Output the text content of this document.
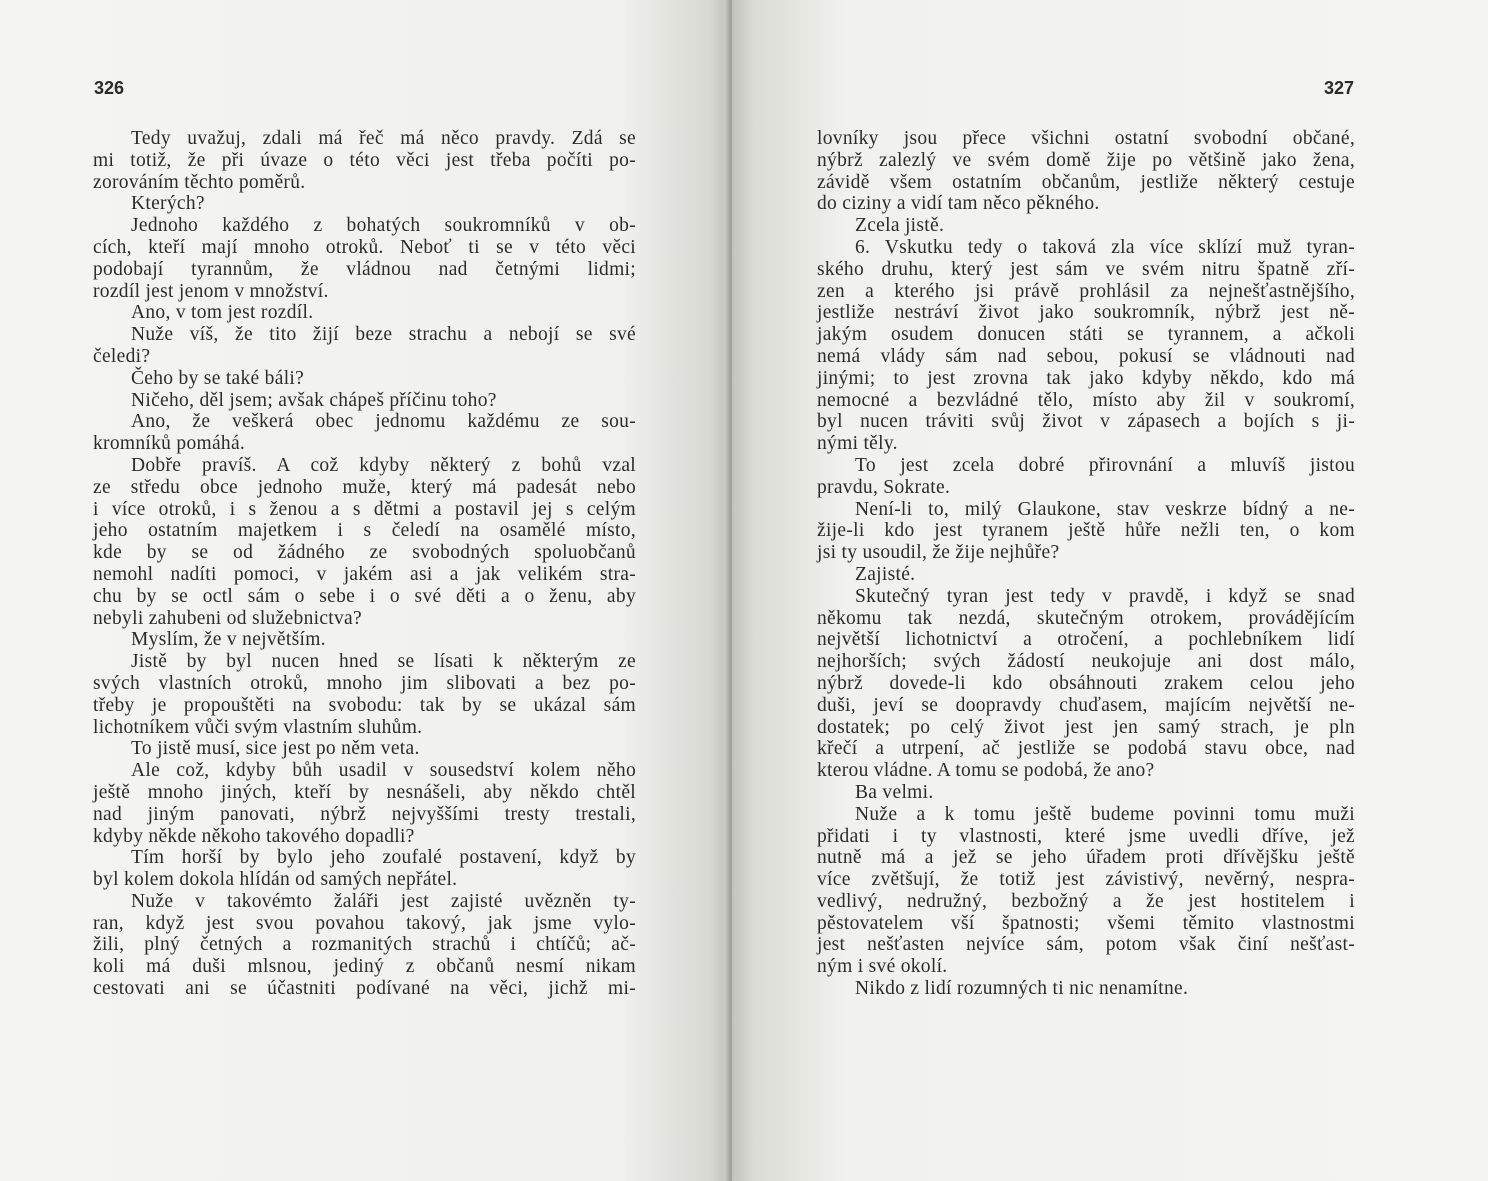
326
Tedy uvažuj, zdali má řeč má něco pravdy. Zdá se
mi totiž, že při úvaze o této věci jest třeba počíti po-
zorováním těchto poměrů.
Kterých?
Jednoho každého z bohatých soukromníků v ob-
cích, kteří mají mnoho otroků. Neboť ti se v této věci
podobají tyrannům, že vládnou nad četnými lidmi;
rozdíl jest jenom v množství.
Ano, v tom jest rozdíl.
Nuže víš, že tito žijí beze strachu a nebojí se své
čeledi?
Čeho by se také báli?
Ničeho, děl jsem; avšak chápeš příčinu toho?
Ano, že veškerá obec jednomu každému ze sou-
kromníků pomáhá.
Dobře pravíš. A což kdyby některý z bohů vzal
ze středu obce jednoho muže, který má padesát nebo
i více otroků, i s ženou a s dětmi a postavil jej s celým
jeho ostatním majetkem i s čeledí na osamělé místo,
kde by se od žádného ze svobodných spoluobčanů
nemohl nadíti pomoci, v jakém asi a jak velikém stra-
chu by se octl sám o sebe i o své děti a o ženu, aby
nebyli zahubeni od služebnictva?
Myslím, že v největším.
Jistě by byl nucen hned se lísati k některým ze
svých vlastních otroků, mnoho jim slibovati a bez po-
třeby je propouštěti na svobodu: tak by se ukázal sám
lichotníkem vůči svým vlastním sluhům.
To jistě musí, sice jest po něm veta.
Ale což, kdyby bůh usadil v sousedství kolem něho
ještě mnoho jiných, kteří by nesnášeli, aby někdo chtěl
nad jiným panovati, nýbrž nejvyššími tresty trestali,
kdyby někde někoho takového dopadli?
Tím horší by bylo jeho zoufalé postavení, když by
byl kolem dokola hlídán od samých nepřátel.
Nuže v takovémto žaláři jest zajisté uvězněn ty-
ran, když jest svou povahou takový, jak jsme vylo-
žili, plný četných a rozmanitých strachů i chtíčů; ač-
koli má duši mlsnou, jediný z občanů nesmí nikam
cestovati ani se účastniti podívané na věci, jichž mi-
327
lovníky jsou přece všichni ostatní svobodní občané,
nýbrž zalezlý ve svém domě žije po většině jako žena,
závidě všem ostatním občanům, jestliže některý cestuje
do ciziny a vidí tam něco pěkného.
Zcela jistě.
6. Vskutku tedy o taková zla více sklízí muž tyran-
ského druhu, který jest sám ve svém nitru špatně zří-
zen a kterého jsi právě prohlásil za nejnešťastnějšího,
jestliže nestráví život jako soukromník, nýbrž jest ně-
jakým osudem donucen státi se tyrannem, a ačkoli
nemá vlády sám nad sebou, pokusí se vládnouti nad
jinými; to jest zrovna tak jako kdyby někdo, kdo má
nemocné a bezvládné tělo, místo aby žil v soukromí,
byl nucen tráviti svůj život v zápasech a bojích s ji-
nými těly.
To jest zcela dobré přirovnání a mluvíš jistou
pravdu, Sokrate.
Není-li to, milý Glaukone, stav veskrze bídný a ne-
žije-li kdo jest tyranem ještě hůře nežli ten, o kom
jsi ty usoudil, že žije nejhůře?
Zajisté.
Skutečný tyran jest tedy v pravdě, i když se snad
někomu tak nezdá, skutečným otrokem, provádějícím
největší lichotnictví a otročení, a pochlebníkem lidí
nejhorších; svých žádostí neukojuje ani dost málo,
nýbrž dovede-li kdo obsáhnouti zrakem celou jeho
duši, jeví se doopravdy chuďasem, majícím největší ne-
dostatek; po celý život jest jen samý strach, je pln
křečí a utrpení, ač jestliže se podobá stavu obce, nad
kterou vládne. A tomu se podobá, že ano?
Ba velmi.
Nuže a k tomu ještě budeme povinni tomu muži
přidati i ty vlastnosti, které jsme uvedli dříve, jež
nutně má a jež se jeho úřadem proti dřívějšku ještě
více zvětšují, že totiž jest závistivý, nevěrný, nespra-
vedlivý, nedružný, bezbožný a že jest hostitelem i
pěstovatelem vší špatnosti; všemi těmito vlastnostmi
jest nešťasten nejvíce sám, potom však činí nešťast-
ným i své okolí.
Nikdo z lidí rozumných ti nic nenamítne.
